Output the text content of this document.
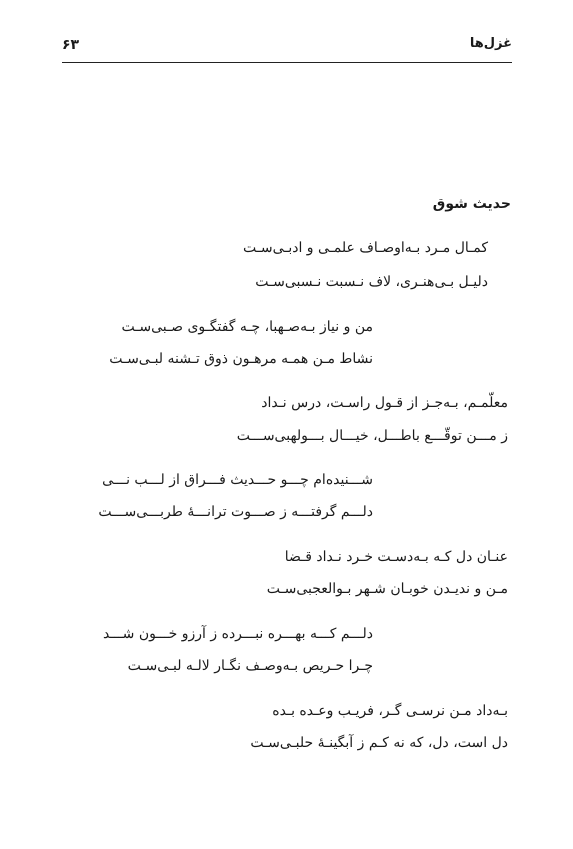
۶۳	غزل‌ها
حدیث شوق
کمـال مـرد بـه‌اوصـاف علمـی و ادبـی‌سـت
دلیـل بـی‌هنـری، لاف نـسبت نـسبی‌سـت
من و نیاز بـه‌صـهبا، چـه گفتگـوی صـبی‌سـت
نشاط مـن همـه مرهـون ذوق تـشنه لبـی‌سـت
معلّمـم، بـه‌جـز از قـول راسـت، درس نـداد
ز مـــن توقّـــع باطـــل، خیـــال بـــولهبی‌ســـت
شـــنیده‌ام چـــو حـــدیث فـــراق از لـــب نـــی
دلـــم گرفتـــه ز صـــوت ترانـــهٔ طربـــی‌ســـت
عنـان دل کـه بـه‌دسـت خـرد نـداد قـضا
مـن و ندیـدن خوبـان شـهر بـوالعجبی‌سـت
دلـــم کـــه بهـــره نبـــرده ز آرزو خـــون شـــد
چـرا حـریص بـه‌وصـف نگـار لالـه لبـی‌سـت
بـه‌داد مـن نرسـی گـر، فریـب وعـده بـده
دل است، دل، که نه کـم ز آبگینـهٔ حلبـی‌سـت
